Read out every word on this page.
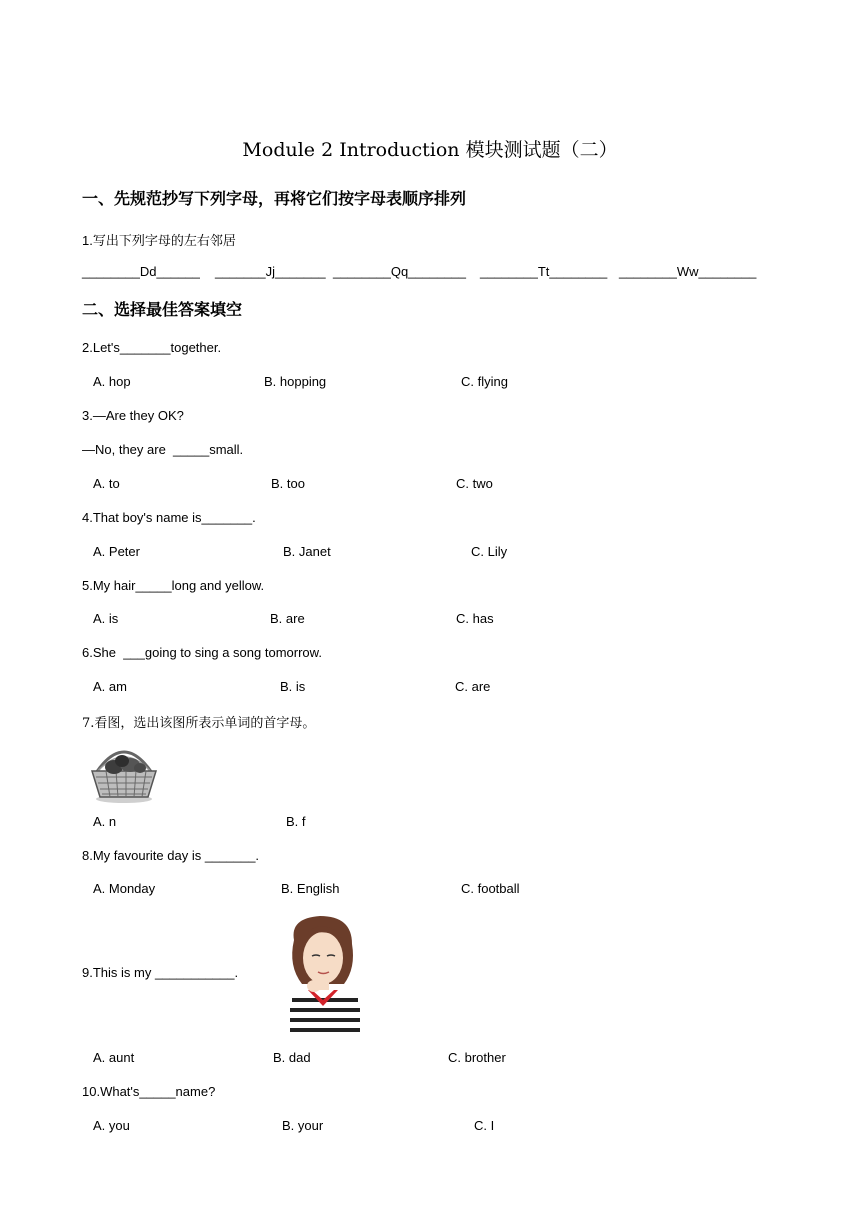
Module 2 Introduction 模块测试题（二）
一、先规范抄写下列字母，再将它们按字母表顺序排列
1.写出下列字母的左右邻居
________Dd______ _______Jj_______ ________Qq________ ________Tt________ ________Ww________
二、选择最佳答案填空
2.Let's_______together.
A. hop	B. hopping	C. flying
3.—Are they OK?
—No, they are  _____small.
A. to	B. too	C. two
4.That boy's name is_______.
A. Peter	B. Janet	C. Lily
5.My hair_____long and yellow.
A. is	B. are	C. has
6.She  ___going to sing a song tomorrow.
A. am	B. is	C. are
7.看图，选出该图所表示单词的首字母。
A. n	B. f
8.My favourite day is _______.
A. Monday	B. English	C. football
9.This is my ___________.
A. aunt	B. dad	C. brother
10.What's_____name?
A. you	B. your	C. I
